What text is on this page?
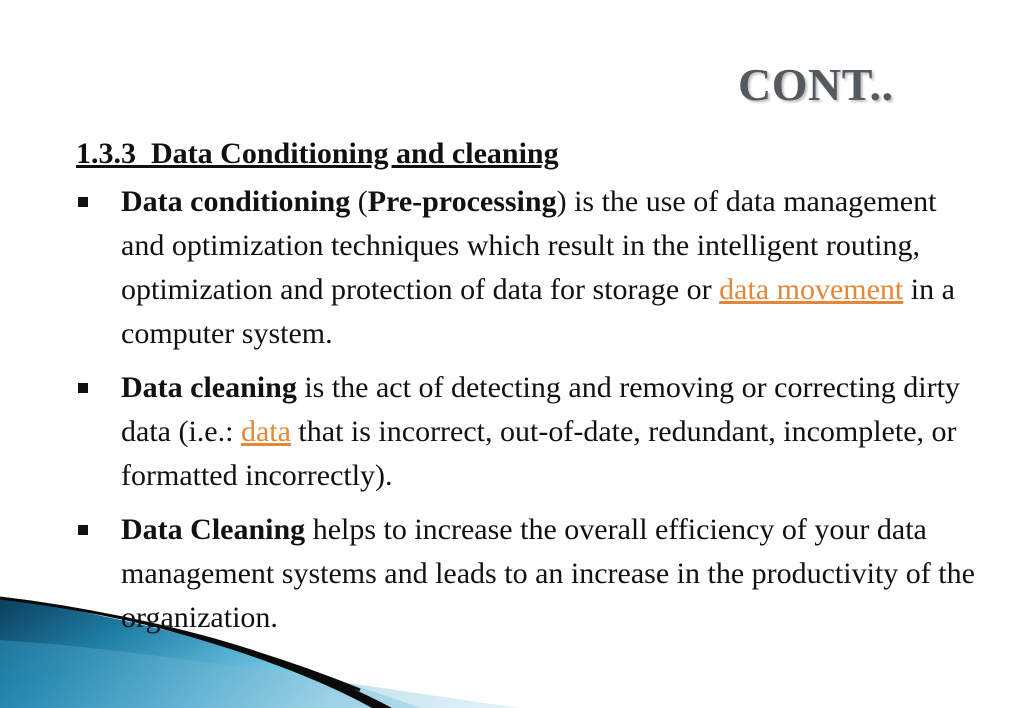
CONT..
1.3.3  Data Conditioning and cleaning
Data conditioning (Pre-processing) is the use of data management and optimization techniques which result in the intelligent routing, optimization and protection of data for storage or data movement in a computer system.
Data cleaning is the act of detecting and removing or correcting dirty data (i.e.: data that is incorrect, out-of-date, redundant, incomplete, or formatted incorrectly).
Data Cleaning helps to increase the overall efficiency of your data management systems and leads to an increase in the productivity of the organization.
